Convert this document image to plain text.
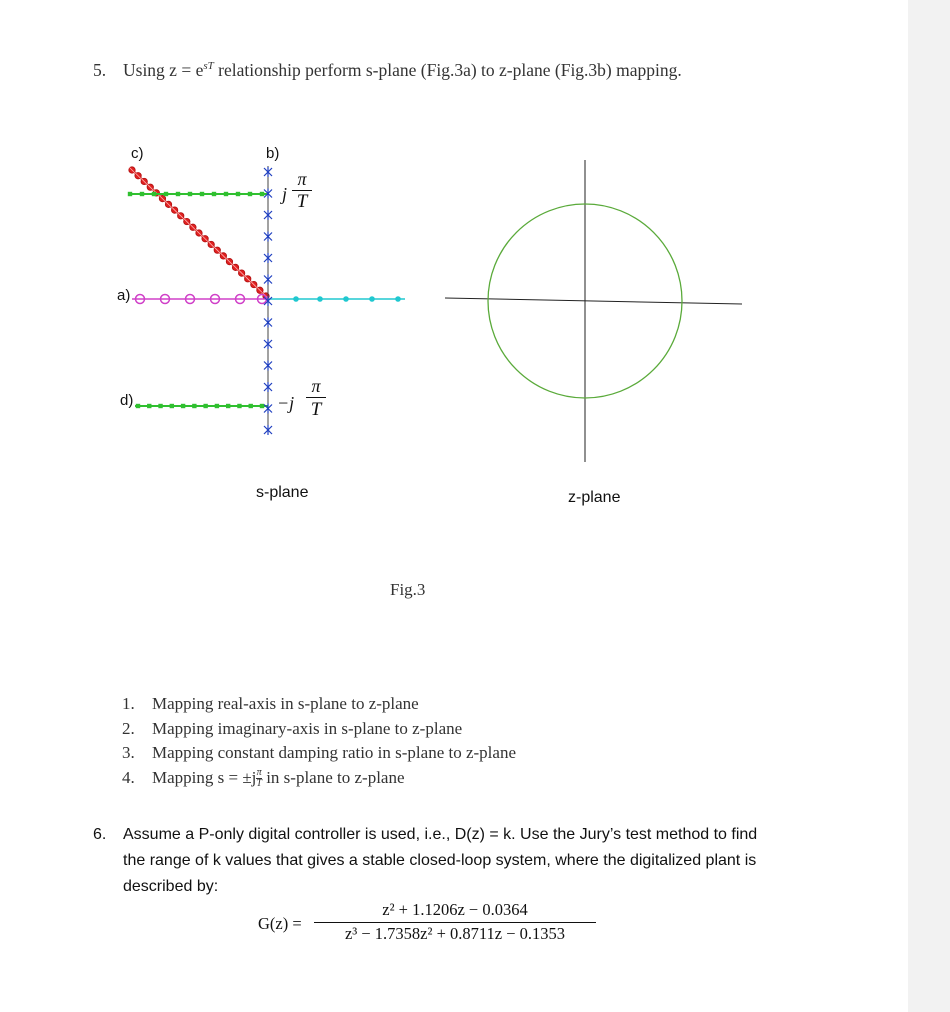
5. Using $z = e^{sT}$ relationship perform s-plane (Fig.3a) to z-plane (Fig.3b) mapping.
c)	b)
a)
d)
j
π
T
−j
π
T
s-plane	z-plane
Fig.3
1. Mapping real-axis in s-plane to z-plane
2. Mapping imaginary-axis in s-plane to z-plane
3. Mapping constant damping ratio in s-plane to z-plane
4. Mapping $s = \pm j \frac{\pi}{T}$ in s-plane to z-plane
6. Assume a P-only digital controller is used, i.e., D(z) = k. Use the Jury’s test method to find the range of k values that gives a stable closed-loop system, where the digitalized plant is described by:
$G(z) = \frac{\text{z² + 1.1206z − 0.0364}}{\text{z³ − 1.7358z² + 0.8711z − 0.1353}}$
